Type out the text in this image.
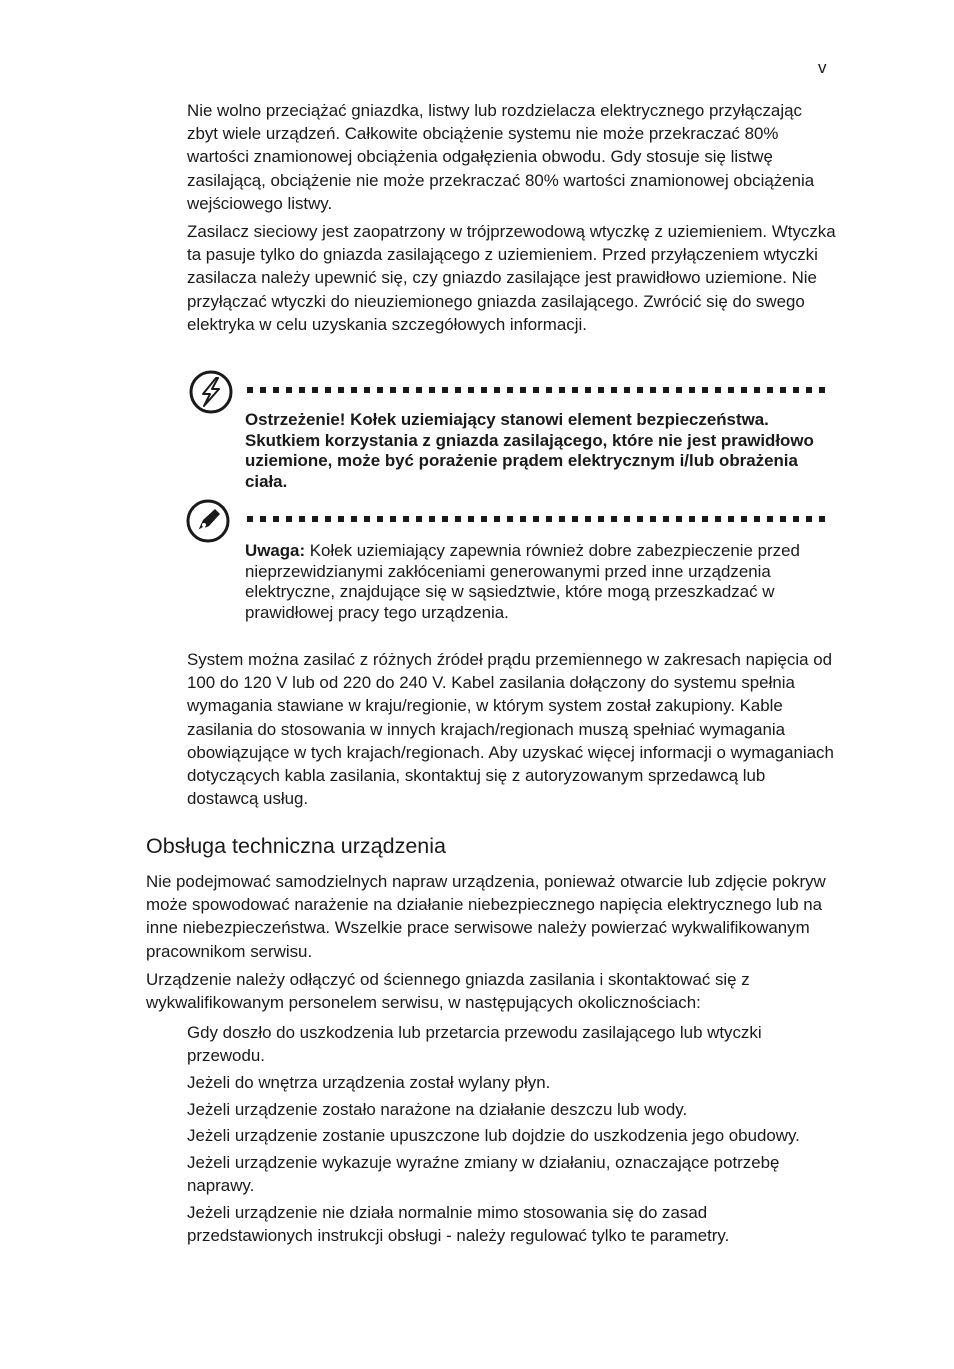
v

Nie wolno przeciążać gniazdka, listwy lub rozdzielacza elektrycznego przyłączając zbyt wiele urządzeń. Całkowite obciążenie systemu nie może przekraczać 80% wartości znamionowej obciążenia odgałęzienia obwodu. Gdy stosuje się listwę zasilającą, obciążenie nie może przekraczać 80% wartości znamionowej obciążenia wejściowego listwy.

Zasilacz sieciowy jest zaopatrzony w trójprzewodową wtyczkę z uziemieniem. Wtyczka ta pasuje tylko do gniazda zasilającego z uziemieniem. Przed przyłączeniem wtyczki zasilacza należy upewnić się, czy gniazdo zasilające jest prawidłowo uziemione. Nie przyłączać wtyczki do nieuziemionego gniazda zasilającego. Zwrócić się do swego elektryka w celu uzyskania szczegółowych informacji.

Ostrzeżenie! Kołek uziemiający stanowi element bezpieczeństwa. Skutkiem korzystania z gniazda zasilającego, które nie jest prawidłowo uziemione, może być porażenie prądem elektrycznym i/lub obrażenia ciała.
Uwaga: Kołek uziemiający zapewnia również dobre zabezpieczenie przed nieprzewidzianymi zakłóceniami generowanymi przed inne urządzenia elektryczne, znajdujące się w sąsiedztwie, które mogą przeszkadzać w prawidłowej pracy tego urządzenia.
System można zasilać z różnych źródeł prądu przemiennego w zakresach napięcia od 100 do 120 V lub od 220 do 240 V. Kabel zasilania dołączony do systemu spełnia wymagania stawiane w kraju/regionie, w którym system został zakupiony. Kable zasilania do stosowania w innych krajach/regionach muszą spełniać wymagania obowiązujące w tych krajach/regionach. Aby uzyskać więcej informacji o wymaganiach dotyczących kabla zasilania, skontaktuj się z autoryzowanym sprzedawcą lub dostawcą usług.
Obsługa techniczna urządzenia

Nie podejmować samodzielnych napraw urządzenia, ponieważ otwarcie lub zdjęcie pokryw może spowodować narażenie na działanie niebezpiecznego napięcia elektrycznego lub na inne niebezpieczeństwa. Wszelkie prace serwisowe należy powierzać wykwalifikowanym pracownikom serwisu.

Urządzenie należy odłączyć od ściennego gniazda zasilania i skontaktować się z wykwalifikowanym personelem serwisu, w następujących okolicznościach:

Gdy doszło do uszkodzenia lub przetarcia przewodu zasilającego lub wtyczki przewodu.
Jeżeli do wnętrza urządzenia został wylany płyn.
Jeżeli urządzenie zostało narażone na działanie deszczu lub wody.
Jeżeli urządzenie zostanie upuszczone lub dojdzie do uszkodzenia jego obudowy.
Jeżeli urządzenie wykazuje wyraźne zmiany w działaniu, oznaczające potrzebę naprawy.
Jeżeli urządzenie nie działa normalnie mimo stosowania się do zasad przedstawionych instrukcji obsługi - należy regulować tylko te parametry.
